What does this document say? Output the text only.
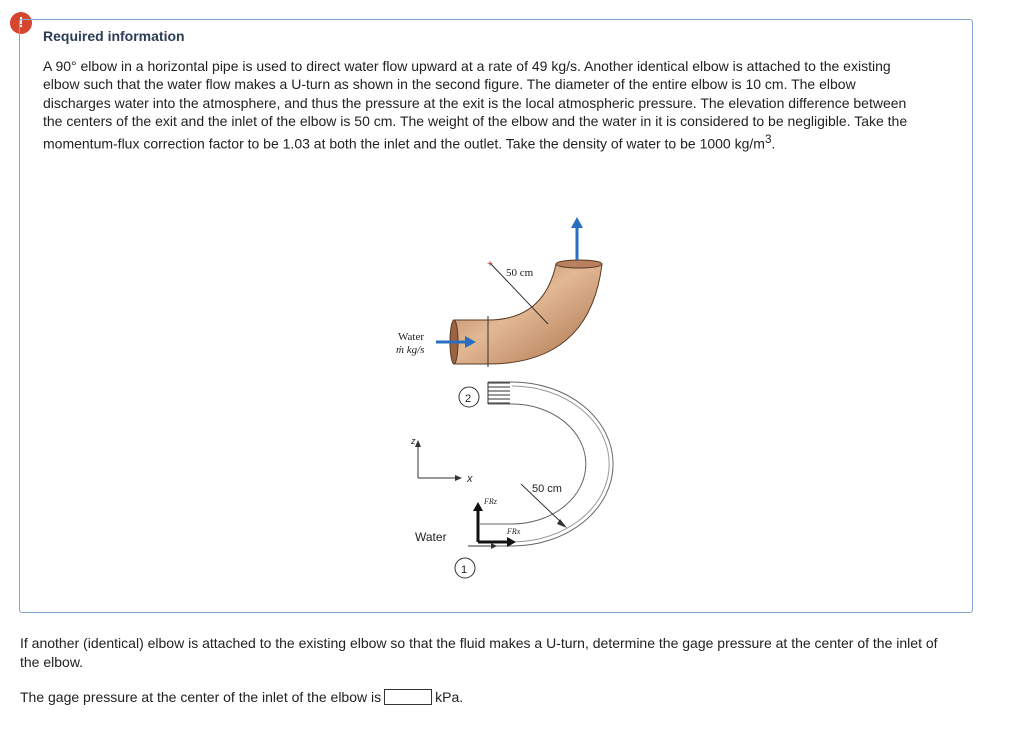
!
Required information
A 90° elbow in a horizontal pipe is used to direct water flow upward at a rate of 49 kg/s. Another identical elbow is attached to the existing elbow such that the water flow makes a U-turn as shown in the second figure. The diameter of the entire elbow is 10 cm. The elbow discharges water into the atmosphere, and thus the pressure at the exit is the local atmospheric pressure. The elevation difference between the centers of the exit and the inlet of the elbow is 50 cm. The weight of the elbow and the water in it is considered to be negligible. Take the momentum-flux correction factor to be 1.03 at both the inlet and the outlet. Take the density of water to be 1000 $kg/m^3$.
+
50 cm
Water
ṁ kg/s
2
50 cm
z
x
FRz
FRx
Water
1
If another (identical) elbow is attached to the existing elbow so that the fluid makes a U-turn, determine the gage pressure at the center of the inlet of the elbow.
The gage pressure at the center of the inlet of the elbow is	kPa.
